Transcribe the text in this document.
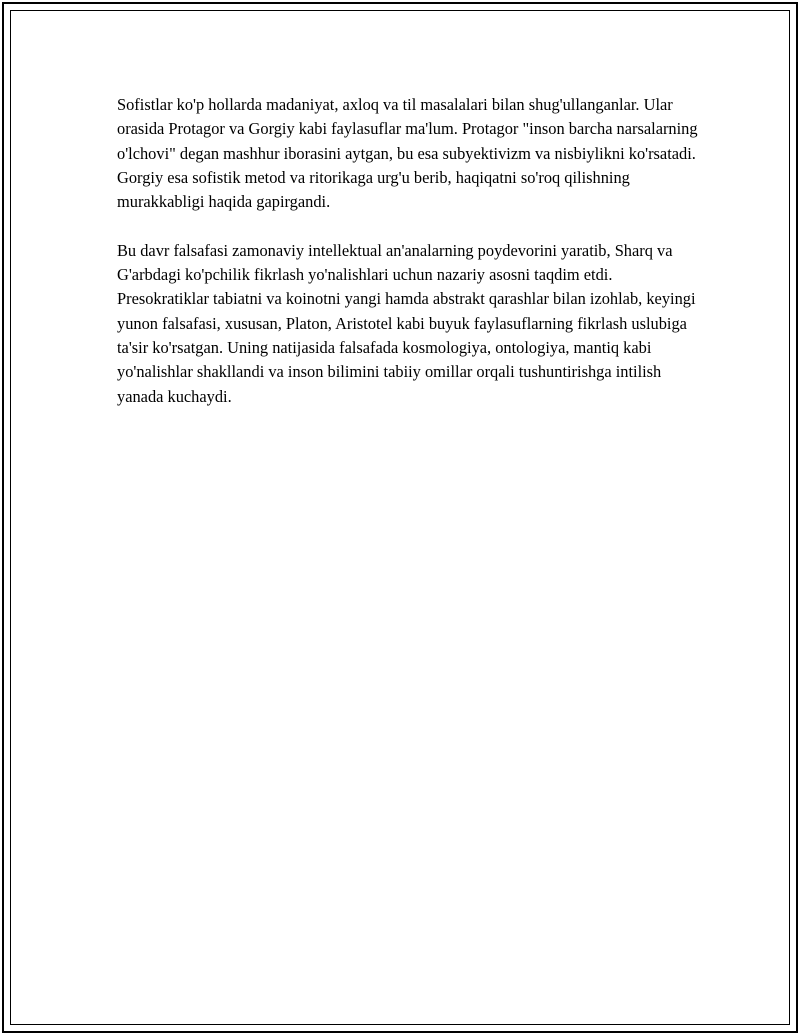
Sofistlar ko'p hollarda madaniyat, axloq va til masalalari bilan shug'ullanganlar. Ular orasida Protagor va Gorgiy kabi faylasuflar ma'lum. Protagor "inson barcha narsalarning o'lchovi" degan mashhur iborasini aytgan, bu esa subyektivizm va nisbiylikni ko'rsatadi. Gorgiy esa sofistik metod va ritorikaga urg'u berib, haqiqatni so'roq qilishning murakkabligi haqida gapirgandi.

Bu davr falsafasi zamonaviy intellektual an'analarning poydevorini yaratib, Sharq va G'arbdagi ko'pchilik fikrlash yo'nalishlari uchun nazariy asosni taqdim etdi. Presokratiklar tabiatni va koinotni yangi hamda abstrakt qarashlar bilan izohlab, keyingi yunon falsafasi, xususan, Platon, Aristotel kabi buyuk faylasuflarning fikrlash uslubiga ta'sir ko'rsatgan. Uning natijasida falsafada kosmologiya, ontologiya, mantiq kabi yo'nalishlar shakllandi va inson bilimini tabiiy omillar orqali tushuntirishga intilish yanada kuchaydi.
